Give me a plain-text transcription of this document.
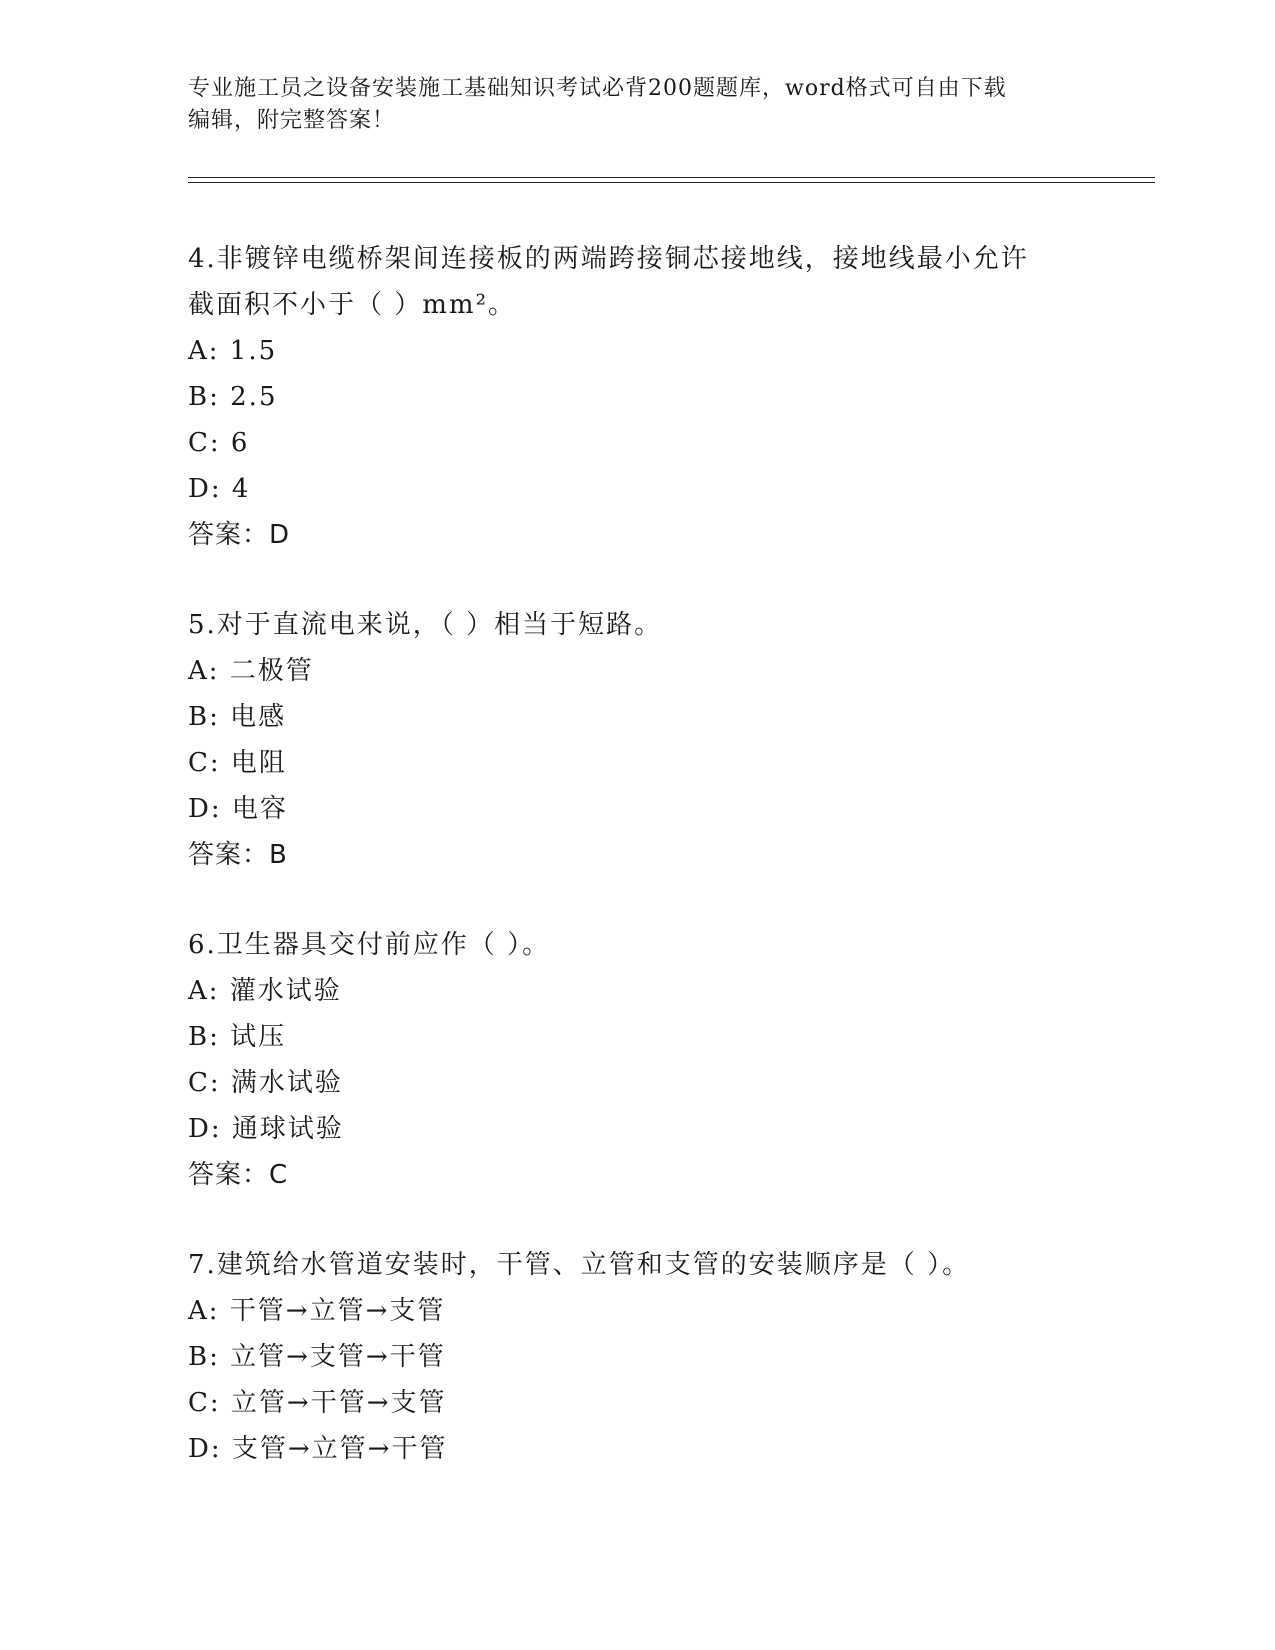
专业施工员之设备安装施工基础知识考试必背200题题库，word格式可自由下载
编辑，附完整答案！
4.非镀锌电缆桥架间连接板的两端跨接铜芯接地线，接地线最小允许
截面积不小于（ ）mm²。
A: 1.5
B: 2.5
C: 6
D: 4
答案：D
5.对于直流电来说，（ ）相当于短路。
A: 二极管
B: 电感
C: 电阻
D: 电容
答案：B
6.卫生器具交付前应作（ ）。
A: 灌水试验
B: 试压
C: 满水试验
D: 通球试验
答案：C
7.建筑给水管道安装时，干管、立管和支管的安装顺序是（ ）。
A: 干管→立管→支管
B: 立管→支管→干管
C: 立管→干管→支管
D: 支管→立管→干管
